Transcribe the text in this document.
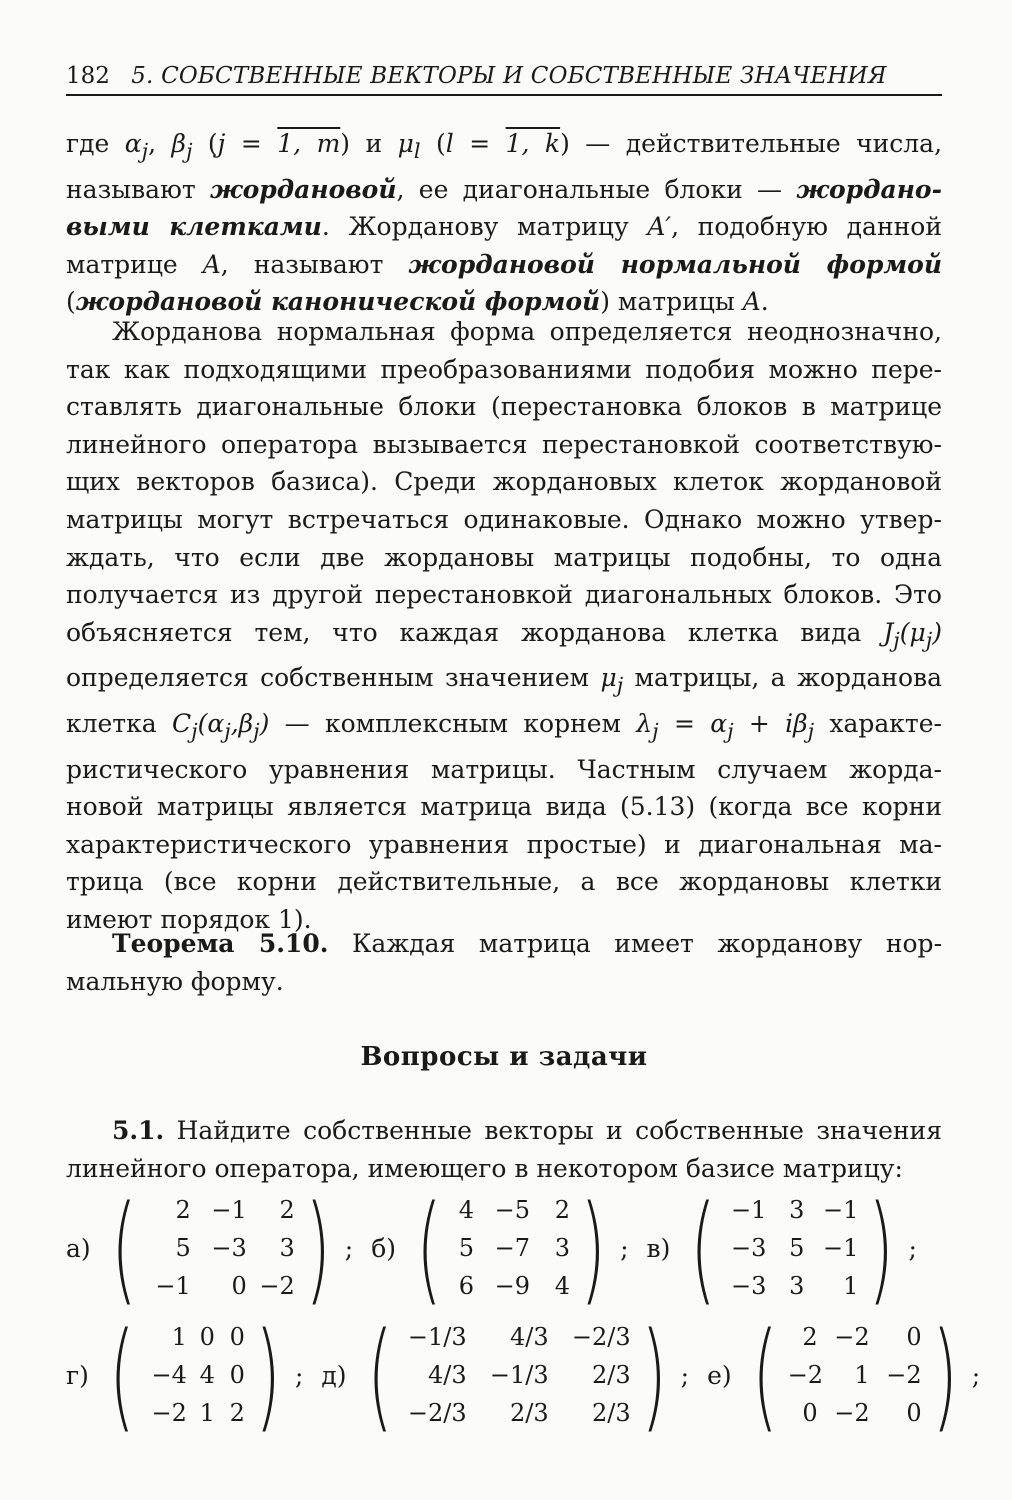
182 5. СОБСТВЕННЫЕ ВЕКТОРЫ И СОБСТВЕННЫЕ ЗНАЧЕНИЯ
где $\alpha_j$, $\beta_j$ (j = 1, m) и $\mu_l$ (l = 1, k) — действительные числа, называют жордановой, ее диагональные блоки — жордановыми клетками. Жорданову матрицу A′, подобную данной матрице A, называют жордановой нормальной формой (жордановой канонической формой) матрицы A.
Жорданова нормальная форма определяется неоднозначно, так как подходящими преобразованиями подобия можно переставлять диагональные блоки (перестановка блоков в матрице линейного оператора вызывается перестановкой соответствующих векторов базиса). Среди жордановых клеток жордановой матрицы могут встречаться одинаковые. Однако можно утверждать, что если две жордановы матрицы подобны, то одна получается из другой перестановкой диагональных блоков. Это объясняется тем, что каждая жорданова клетка вида $J_j(\mu_j)$ определяется собственным значением $\mu_j$ матрицы, а жорданова клетка $C_j(\alpha_j,\beta_j)$ — комплексным корнем $\lambda_j = \alpha_j + i\beta_j$ характеристического уравнения матрицы. Частным случаем жордановой матрицы является матрица вида (5.13) (когда все корни характеристического уравнения простые) и диагональная матрица (все корни действительные, а все жордановы клетки имеют порядок 1).
Теорема 5.10. Каждая матрица имеет жорданову нормальную форму.
Вопросы и задачи
5.1. Найдите собственные векторы и собственные значения линейного оператора, имеющего в некотором базисе матрицу:
а) (	2 −1	2
5 −3	3
−1	0 −2 ) ; б) ( 4 −5	2
5 −7	3
6 −9	4 ) ; в) ( −1 3 −1
−3 5 −1
−3 3	1 ) ;
г) (	1 0 0
−4 4 0
−2 1 2 ) ; д) ( −1/3	4/3 −2/3
4/3 −1/3	2/3
−2/3	2/3	2/3 ) ; е) (	2 −2	0
−2	1 −2
0 −2	0 ) ;
